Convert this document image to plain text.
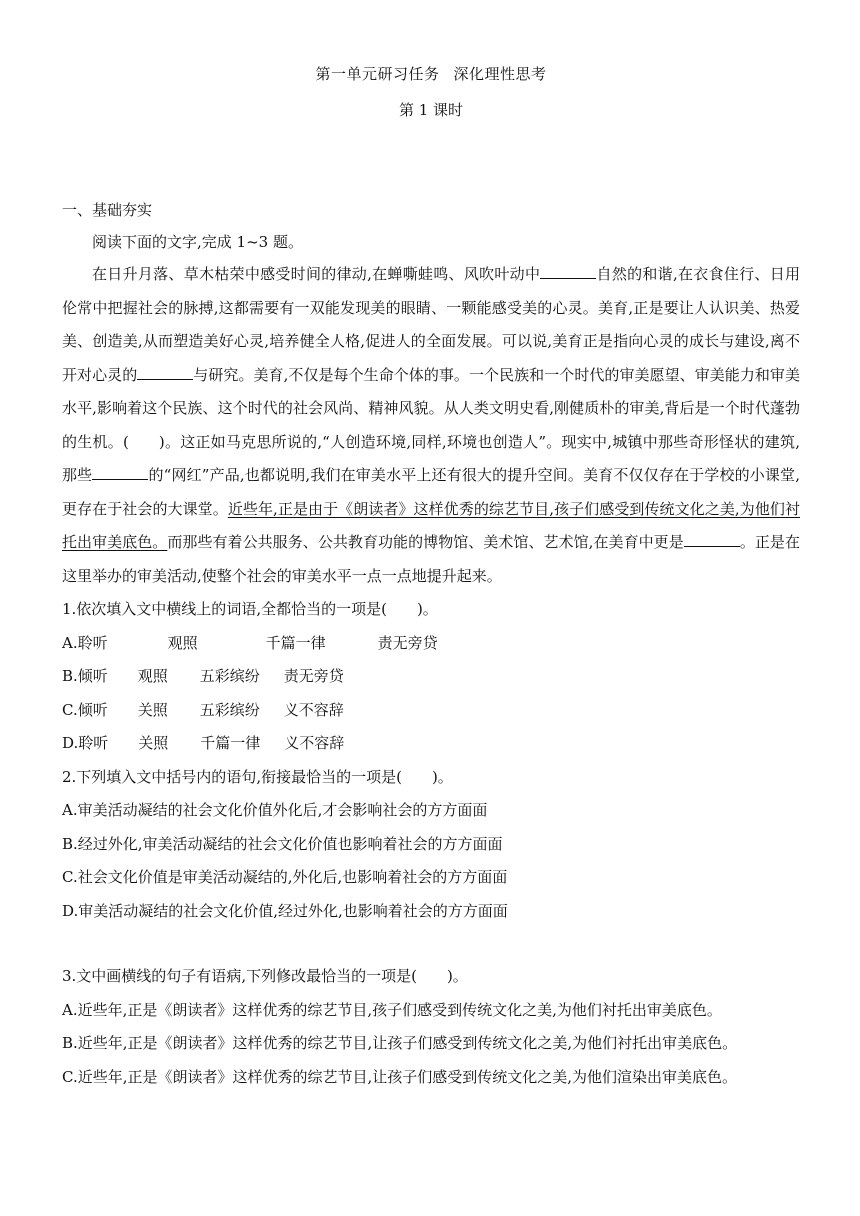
第一单元研习任务 深化理性思考

第 1 课时

一、基础夯实

阅读下面的文字,完成 1~3 题。

在日升月落、草木枯荣中感受时间的律动,在蝉嘶蛙鸣、风吹叶动中	自然的和谐,在衣食住行、日用伦常中把握社会的脉搏,这都需要有一双能发现美的眼睛、一颗能感受美的心灵。美育,正是要让人认识美、热爱美、创造美,从而塑造美好心灵,培养健全人格,促进人的全面发展。可以说,美育正是指向心灵的成长与建设,离不开对心灵的	与研究。美育,不仅是每个生命个体的事。一个民族和一个时代的审美愿望、审美能力和审美水平,影响着这个民族、这个时代的社会风尚、精神风貌。从人类文明史看,刚健质朴的审美,背后是一个时代蓬勃的生机。( )。这正如马克思所说的,“人创造环境,同样,环境也创造人”。现实中,城镇中那些奇形怪状的建筑,那些	的“网红”产品,也都说明,我们在审美水平上还有很大的提升空间。美育不仅仅存在于学校的小课堂,更存在于社会的大课堂。近些年,正是由于《朗读者》这样优秀的综艺节目,孩子们感受到传统文化之美,为他们衬托出审美底色。而那些有着公共服务、公共教育功能的博物馆、美术馆、艺术馆,在美育中更是	。正是在这里举办的审美活动,使整个社会的审美水平一点一点地提升起来。

1.依次填入文中横线上的词语,全都恰当的一项是( )。

A.聆听	观照	千篇一律	责无旁贷

B.倾听 观照 五彩缤纷 责无旁贷

C.倾听 关照 五彩缤纷 义不容辞

D.聆听 关照 千篇一律 义不容辞

2.下列填入文中括号内的语句,衔接最恰当的一项是( )。

A.审美活动凝结的社会文化价值外化后,才会影响社会的方方面面

B.经过外化,审美活动凝结的社会文化价值也影响着社会的方方面面

C.社会文化价值是审美活动凝结的,外化后,也影响着社会的方方面面

D.审美活动凝结的社会文化价值,经过外化,也影响着社会的方方面面

3.文中画横线的句子有语病,下列修改最恰当的一项是( )。

A.近些年,正是《朗读者》这样优秀的综艺节目,孩子们感受到传统文化之美,为他们衬托出审美底色。

B.近些年,正是《朗读者》这样优秀的综艺节目,让孩子们感受到传统文化之美,为他们衬托出审美底色。

C.近些年,正是《朗读者》这样优秀的综艺节目,让孩子们感受到传统文化之美,为他们渲染出审美底色。
